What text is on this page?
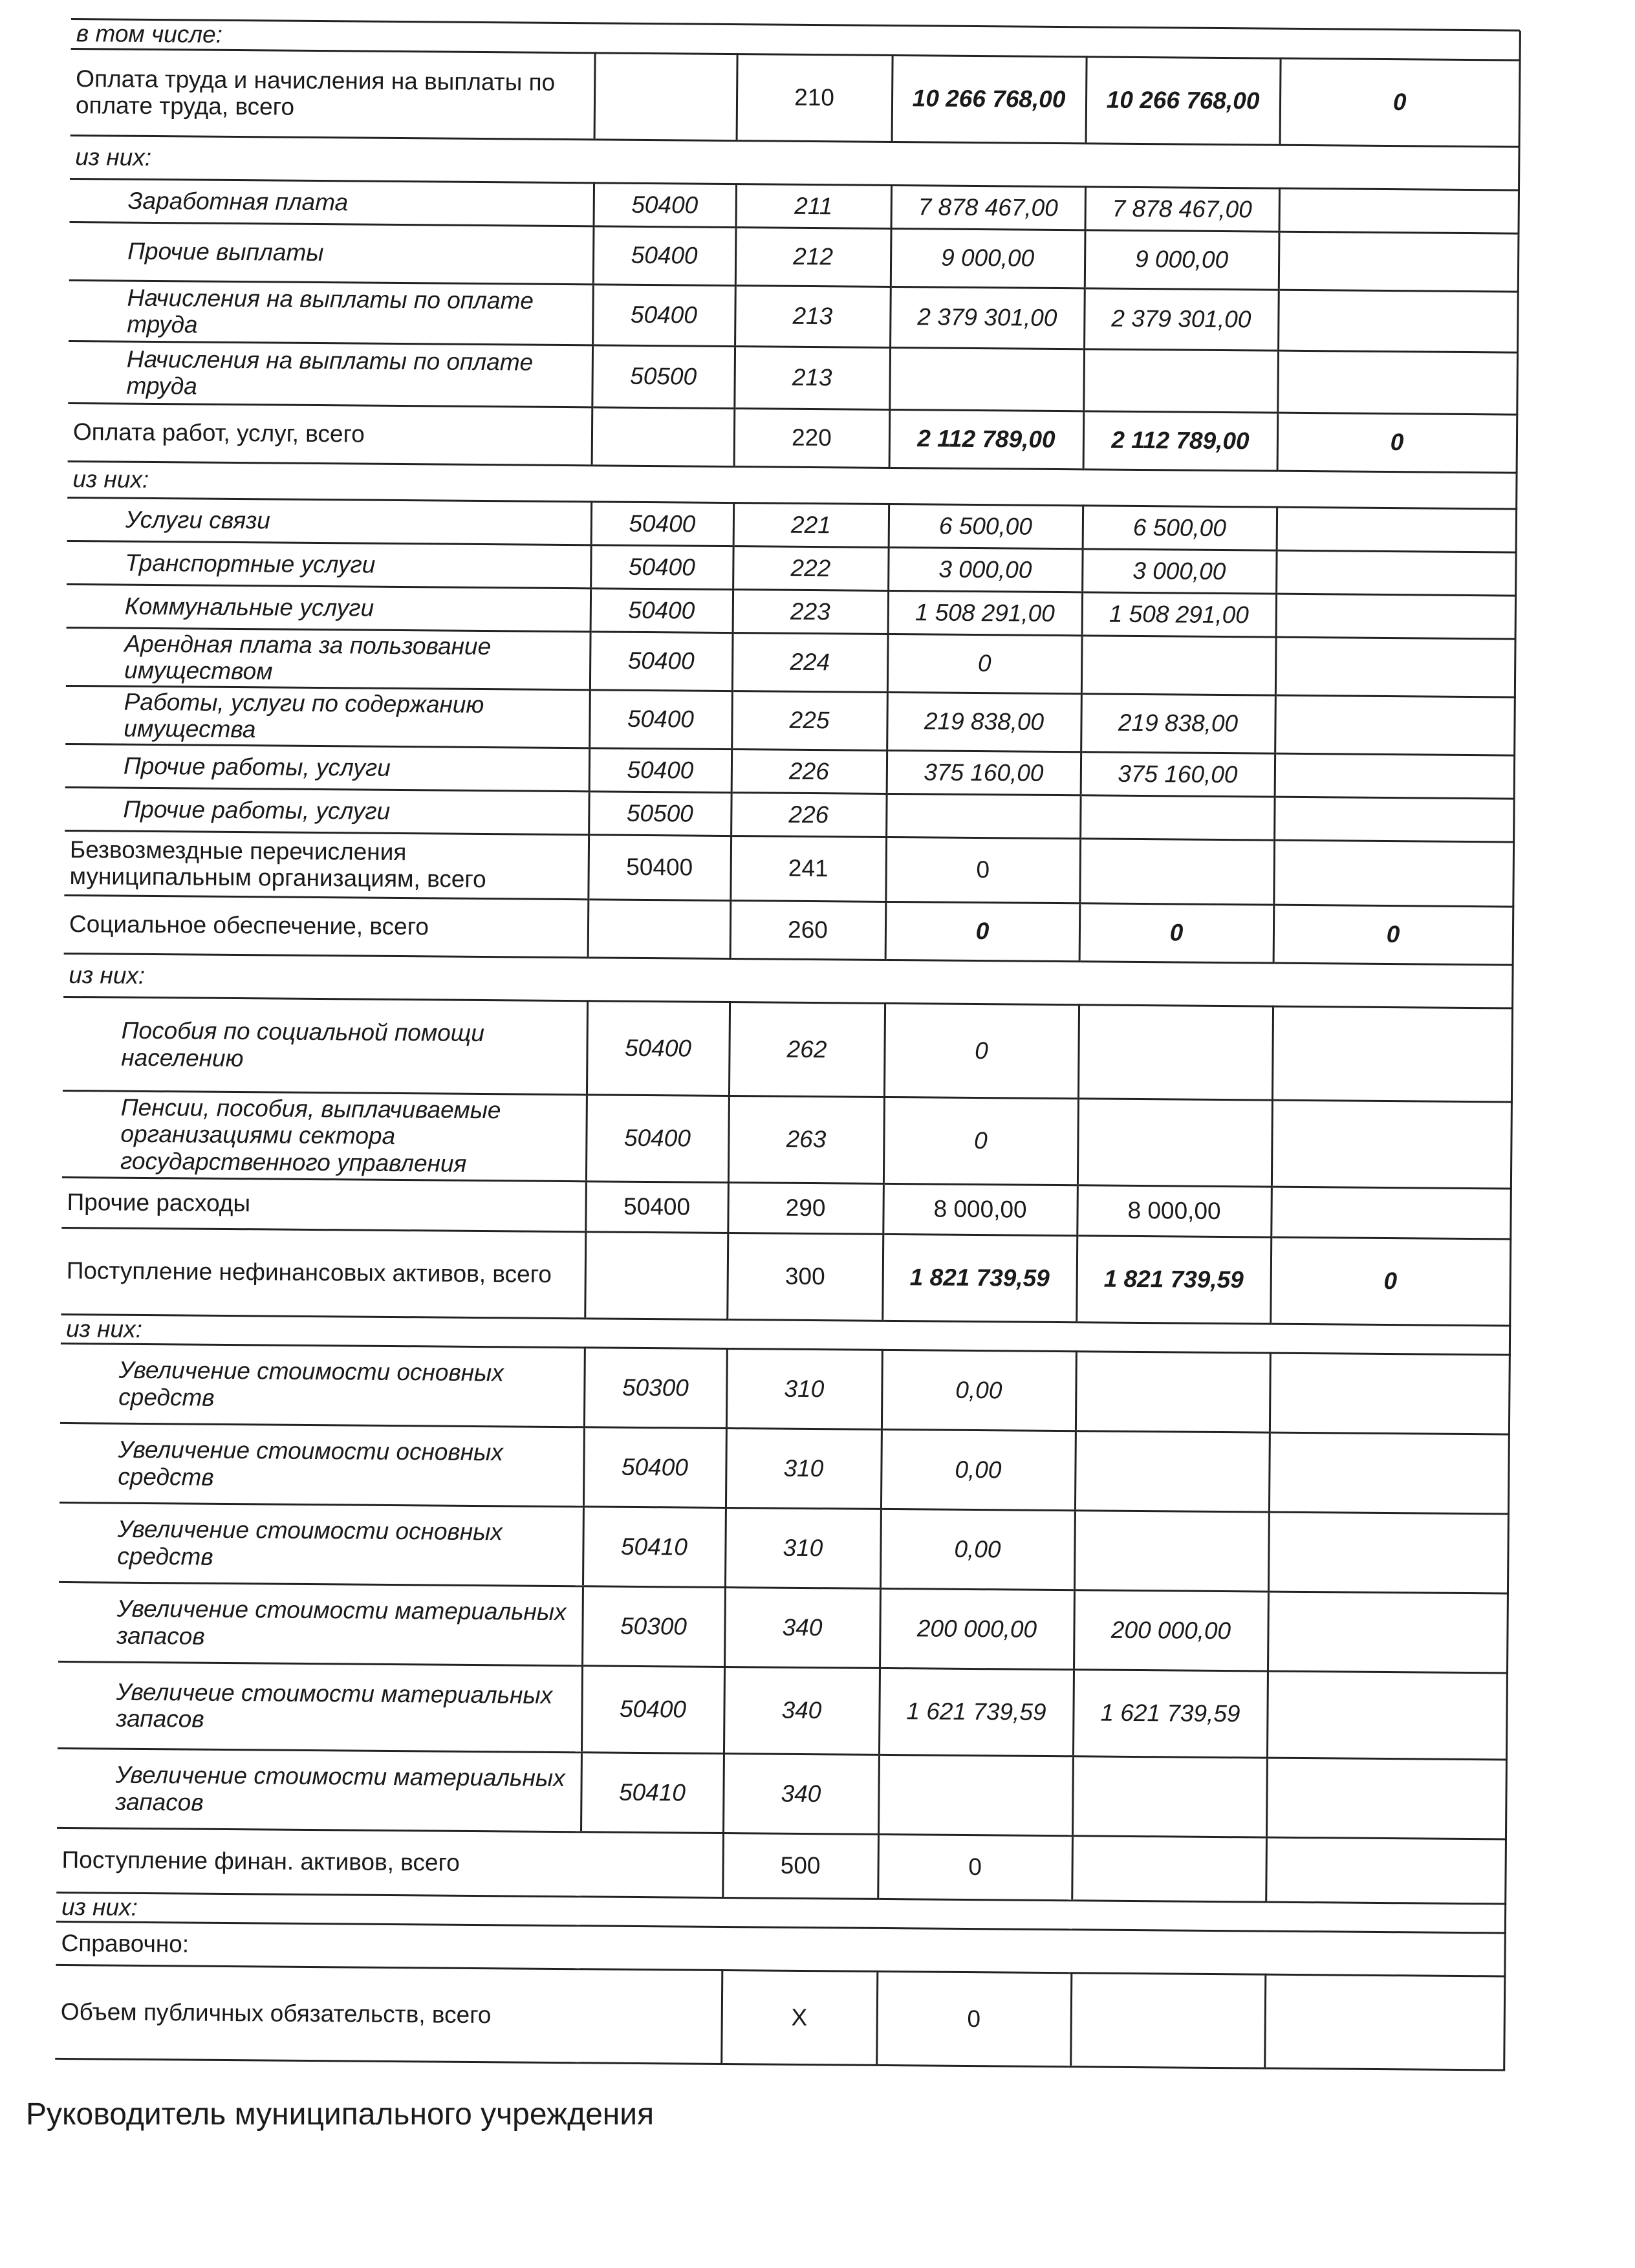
в том числе:					
Оплата труда и начисления на выплаты по оплате труда, всего		210	10 266 768,00	10 266 768,00	0
из них:					
Заработная плата	50400	211	7 878 467,00	7 878 467,00	
Прочие выплаты	50400	212	9 000,00	9 000,00	
Начисления на выплаты по оплате труда	50400	213	2 379 301,00	2 379 301,00	
Начисления на выплаты по оплате труда	50500	213			
Оплата работ, услуг, всего		220	2 112 789,00	2 112 789,00	0
из них:					
Услуги связи	50400	221	6 500,00	6 500,00	
Транспортные услуги	50400	222	3 000,00	3 000,00	
Коммунальные услуги	50400	223	1 508 291,00	1 508 291,00	
Арендная плата за пользование имуществом	50400	224	0		
Работы, услуги по содержанию имущества	50400	225	219 838,00	219 838,00	
Прочие работы, услуги	50400	226	375 160,00	375 160,00	
Прочие работы, услуги	50500	226			
Безвозмездные перечисления муниципальным организациям, всего	50400	241	0		
Социальное обеспечение, всего		260	0	0	0
из них:					
Пособия по социальной помощи населению	50400	262	0		
Пенсии, пособия, выплачиваемые организациями сектора государственного управления	50400	263	0		
Прочие расходы	50400	290	8 000,00	8 000,00	
Поступление нефинансовых активов, всего		300	1 821 739,59	1 821 739,59	0
из них:					
Увеличение стоимости основных средств	50300	310	0,00		
Увеличение стоимости основных средств	50400	310	0,00		
Увеличение стоимости основных средств	50410	310	0,00		
Увеличение стоимости материальных запасов	50300	340	200 000,00	200 000,00	
Увеличеие стоимости материальных запасов	50400	340	1 621 739,59	1 621 739,59	
Увеличение стоимости материальных запасов	50410	340			
Поступление финан. активов, всего		500	0		
из них:					
Справочно:					
Объем публичных обязательств, всего		X	0		
Руководитель муниципального учреждения
